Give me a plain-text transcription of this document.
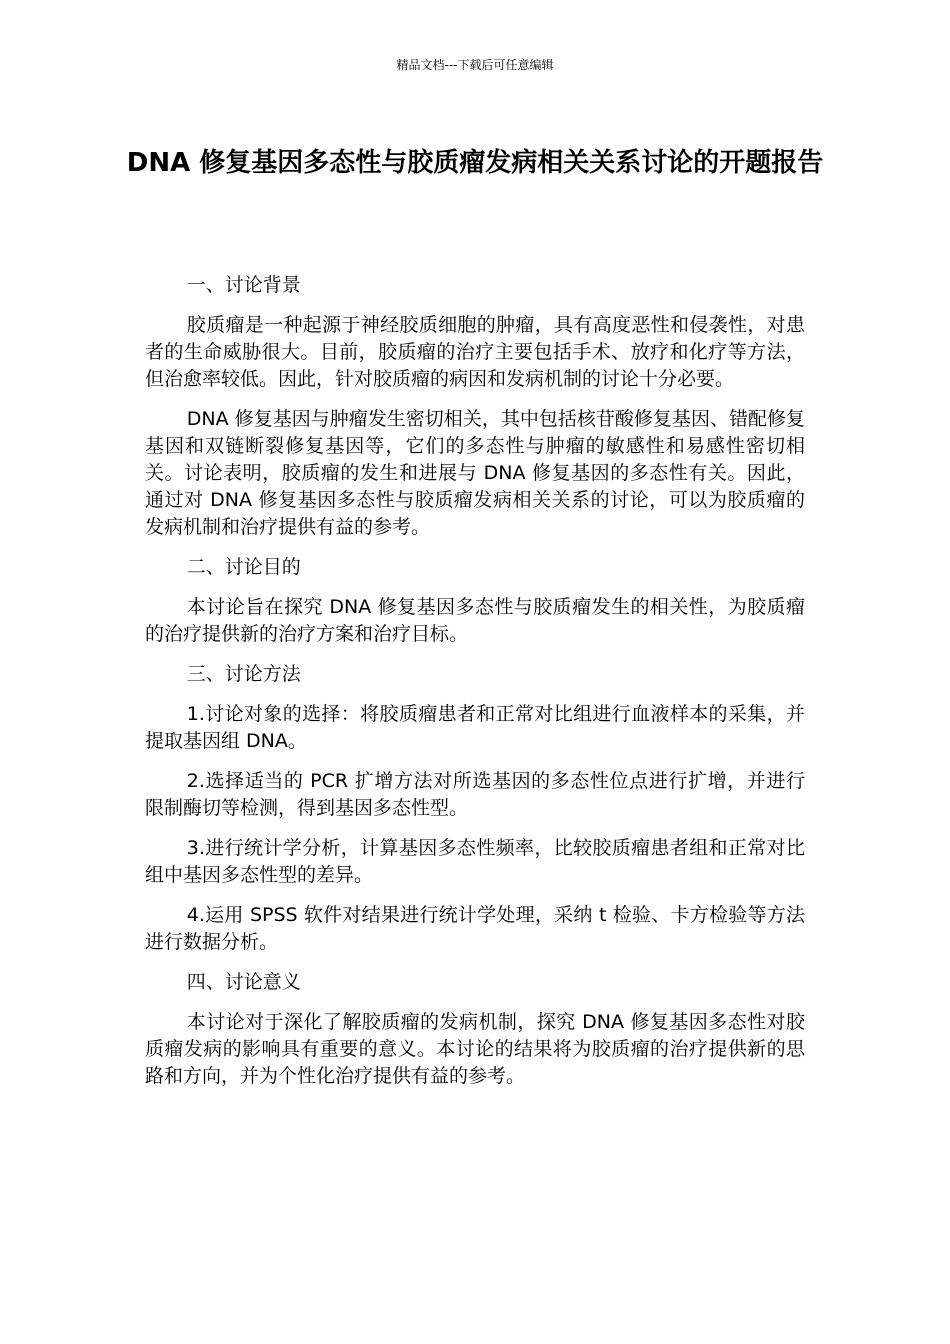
精品文档---下载后可任意编辑
DNA 修复基因多态性与胶质瘤发病相关关系讨论的开题报告
一、讨论背景

胶质瘤是一种起源于神经胶质细胞的肿瘤，具有高度恶性和侵袭性，对患者的生命威胁很大。目前，胶质瘤的治疗主要包括手术、放疗和化疗等方法，但治愈率较低。因此，针对胶质瘤的病因和发病机制的讨论十分必要。

DNA 修复基因与肿瘤发生密切相关，其中包括核苷酸修复基因、错配修复基因和双链断裂修复基因等，它们的多态性与肿瘤的敏感性和易感性密切相关。讨论表明，胶质瘤的发生和进展与 DNA 修复基因的多态性有关。因此，通过对 DNA 修复基因多态性与胶质瘤发病相关关系的讨论，可以为胶质瘤的发病机制和治疗提供有益的参考。

二、讨论目的

本讨论旨在探究 DNA 修复基因多态性与胶质瘤发生的相关性，为胶质瘤的治疗提供新的治疗方案和治疗目标。

三、讨论方法

1.讨论对象的选择：将胶质瘤患者和正常对比组进行血液样本的采集，并提取基因组 DNA。

2.选择适当的 PCR 扩增方法对所选基因的多态性位点进行扩增，并进行限制酶切等检测，得到基因多态性型。

3.进行统计学分析，计算基因多态性频率，比较胶质瘤患者组和正常对比组中基因多态性型的差异。

4.运用 SPSS 软件对结果进行统计学处理，采纳 t 检验、卡方检验等方法进行数据分析。

四、讨论意义

本讨论对于深化了解胶质瘤的发病机制，探究 DNA 修复基因多态性对胶质瘤发病的影响具有重要的意义。本讨论的结果将为胶质瘤的治疗提供新的思路和方向，并为个性化治疗提供有益的参考。
